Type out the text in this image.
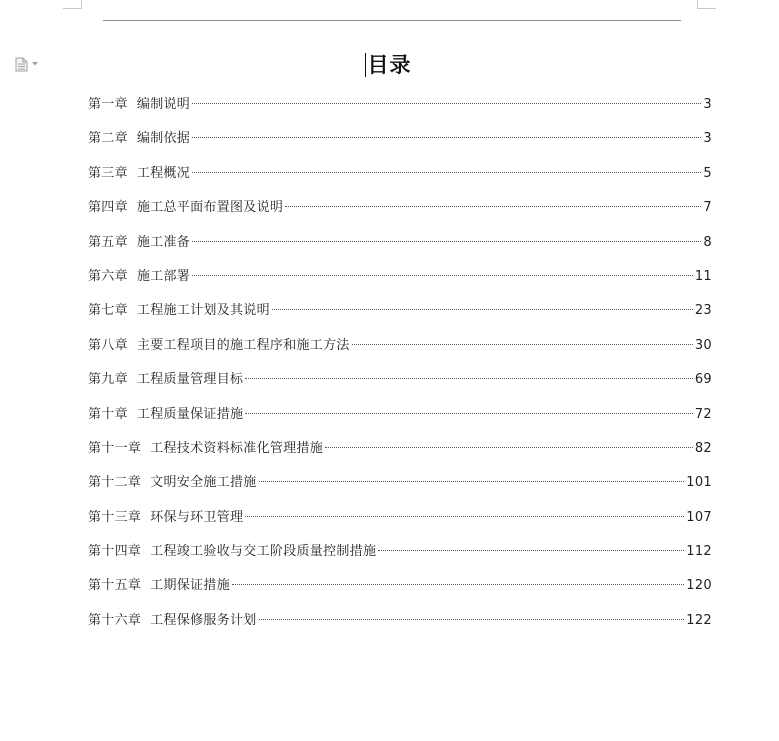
目录
第一章 编制说明	3
第二章 编制依据	3
第三章 工程概况	5
第四章 施工总平面布置图及说明	7
第五章 施工准备	8
第六章 施工部署	11
第七章 工程施工计划及其说明	23
第八章 主要工程项目的施工程序和施工方法	30
第九章 工程质量管理目标	69
第十章 工程质量保证措施	72
第十一章 工程技术资料标准化管理措施	82
第十二章 文明安全施工措施	101
第十三章 环保与环卫管理	107
第十四章 工程竣工验收与交工阶段质量控制措施	112
第十五章 工期保证措施	120
第十六章 工程保修服务计划	122
